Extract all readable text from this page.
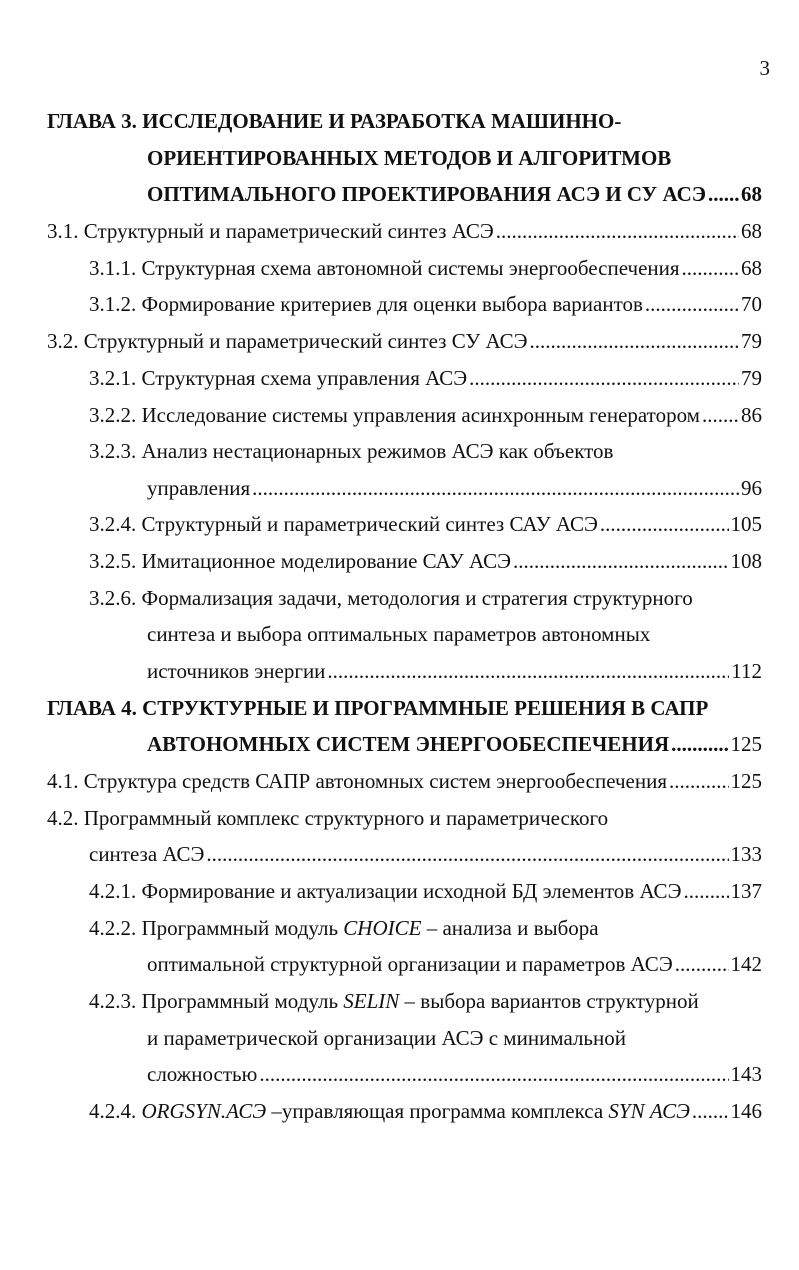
3
ГЛАВА 3. ИССЛЕДОВАНИЕ И РАЗРАБОТКА МАШИННО-
ОРИЕНТИРОВАННЫХ МЕТОДОВ И АЛГОРИТМОВ
ОПТИМАЛЬНОГО ПРОЕКТИРОВАНИЯ АСЭ И СУ АСЭ ..... 68
3.1. Структурный и параметрический синтез АСЭ .....	68
3.1.1. Структурная схема автономной системы энергообеспечения .....	68
3.1.2. Формирование критериев для оценки выбора вариантов .....	70
3.2. Структурный и параметрический синтез СУ АСЭ .....	79
3.2.1. Структурная схема управления АСЭ .....	79
3.2.2. Исследование системы управления асинхронным генератором ..... 86
3.2.3. Анализ нестационарных режимов АСЭ как объектов
управления .....	96
3.2.4. Структурный и параметрический синтез САУ АСЭ .....	105
3.2.5. Имитационное моделирование САУ АСЭ .....	108
3.2.6. Формализация задачи, методология и стратегия структурного
синтеза и выбора оптимальных параметров автономных
источников энергии .....	112
ГЛАВА 4. СТРУКТУРНЫЕ И ПРОГРАММНЫЕ РЕШЕНИЯ В САПР
АВТОНОМНЫХ СИСТЕМ ЭНЕРГООБЕСПЕЧЕНИЯ .....	125
4.1. Структура средств САПР автономных систем энергообеспечения .....	125
4.2. Программный комплекс структурного и параметрического
синтеза АСЭ .....	133
4.2.1. Формирование и актуализации исходной БД элементов АСЭ ..... 137
4.2.2. Программный модуль CHOICE – анализа и выбора
оптимальной структурной организации и параметров АСЭ .....	142
4.2.3. Программный модуль SELIN – выбора вариантов структурной
и параметрической организации АСЭ с минимальной
сложностью .....	143
4.2.4. ORGSYN.АСЭ –управляющая программа комплекса SYN АСЭ ..... 146
